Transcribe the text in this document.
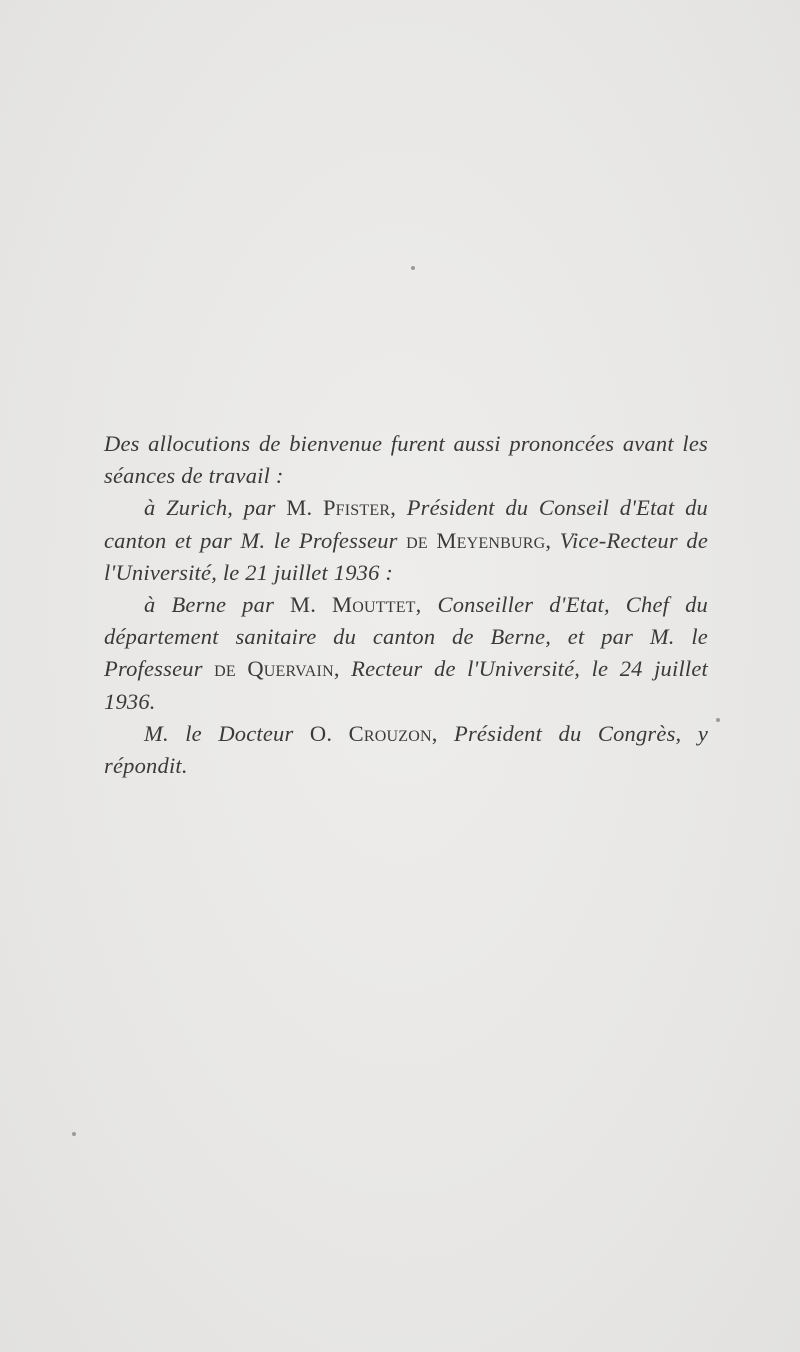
Des allocutions de bienvenue furent aussi prononcées avant les séances de travail :

à Zurich, par M. Pfister, Président du Conseil d'Etat du canton et par M. le Professeur de Meyenburg, Vice-Recteur de l'Université, le 21 juillet 1936 :

à Berne par M. Mouttet, Conseiller d'Etat, Chef du département sanitaire du canton de Berne, et par M. le Professeur de Quervain, Recteur de l'Université, le 24 juillet 1936.

M. le Docteur O. Crouzon, Président du Congrès, y répondit.
